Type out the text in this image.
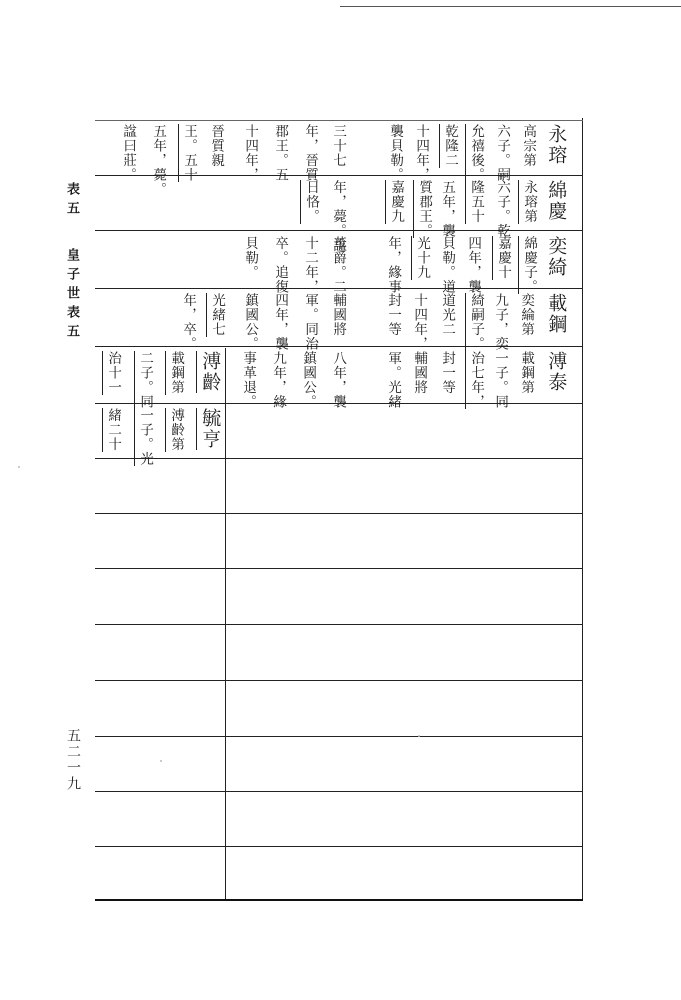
表五
皇子世表五
五二一九
永瑢
高宗第
六子。嗣
允禧後。
乾隆二
十四年，
襲貝勒。
三十七
年，晉質
郡王。五
十四年，
晉質親
王。五十
五年，薨。
諡曰莊。
綿慶
永瑢第
六子。乾
隆五十
五年，襲
質郡王。
嘉慶九
年，薨。諡
日恪。
奕綺
綿慶子。
嘉慶十
四年，襲
貝勒。道
光十九
年，緣事
革爵。二
十二年，
卒。追復
貝勒。
載鋼
奕綸第
九子，奕
綺嗣子。
道光二
十四年，
封一等
輔國將
軍。同治
四年，襲
鎮國公。
光緒七
年，卒。
溥泰
載鋼第
一子。同
治七年，
封一等
輔國將
軍。光緒
八年，襲
鎮國公。
九年，緣
事革退。
溥齡
載鋼第
二子。同
治十一
毓亨
溥齡第
一子。光
緒二十
